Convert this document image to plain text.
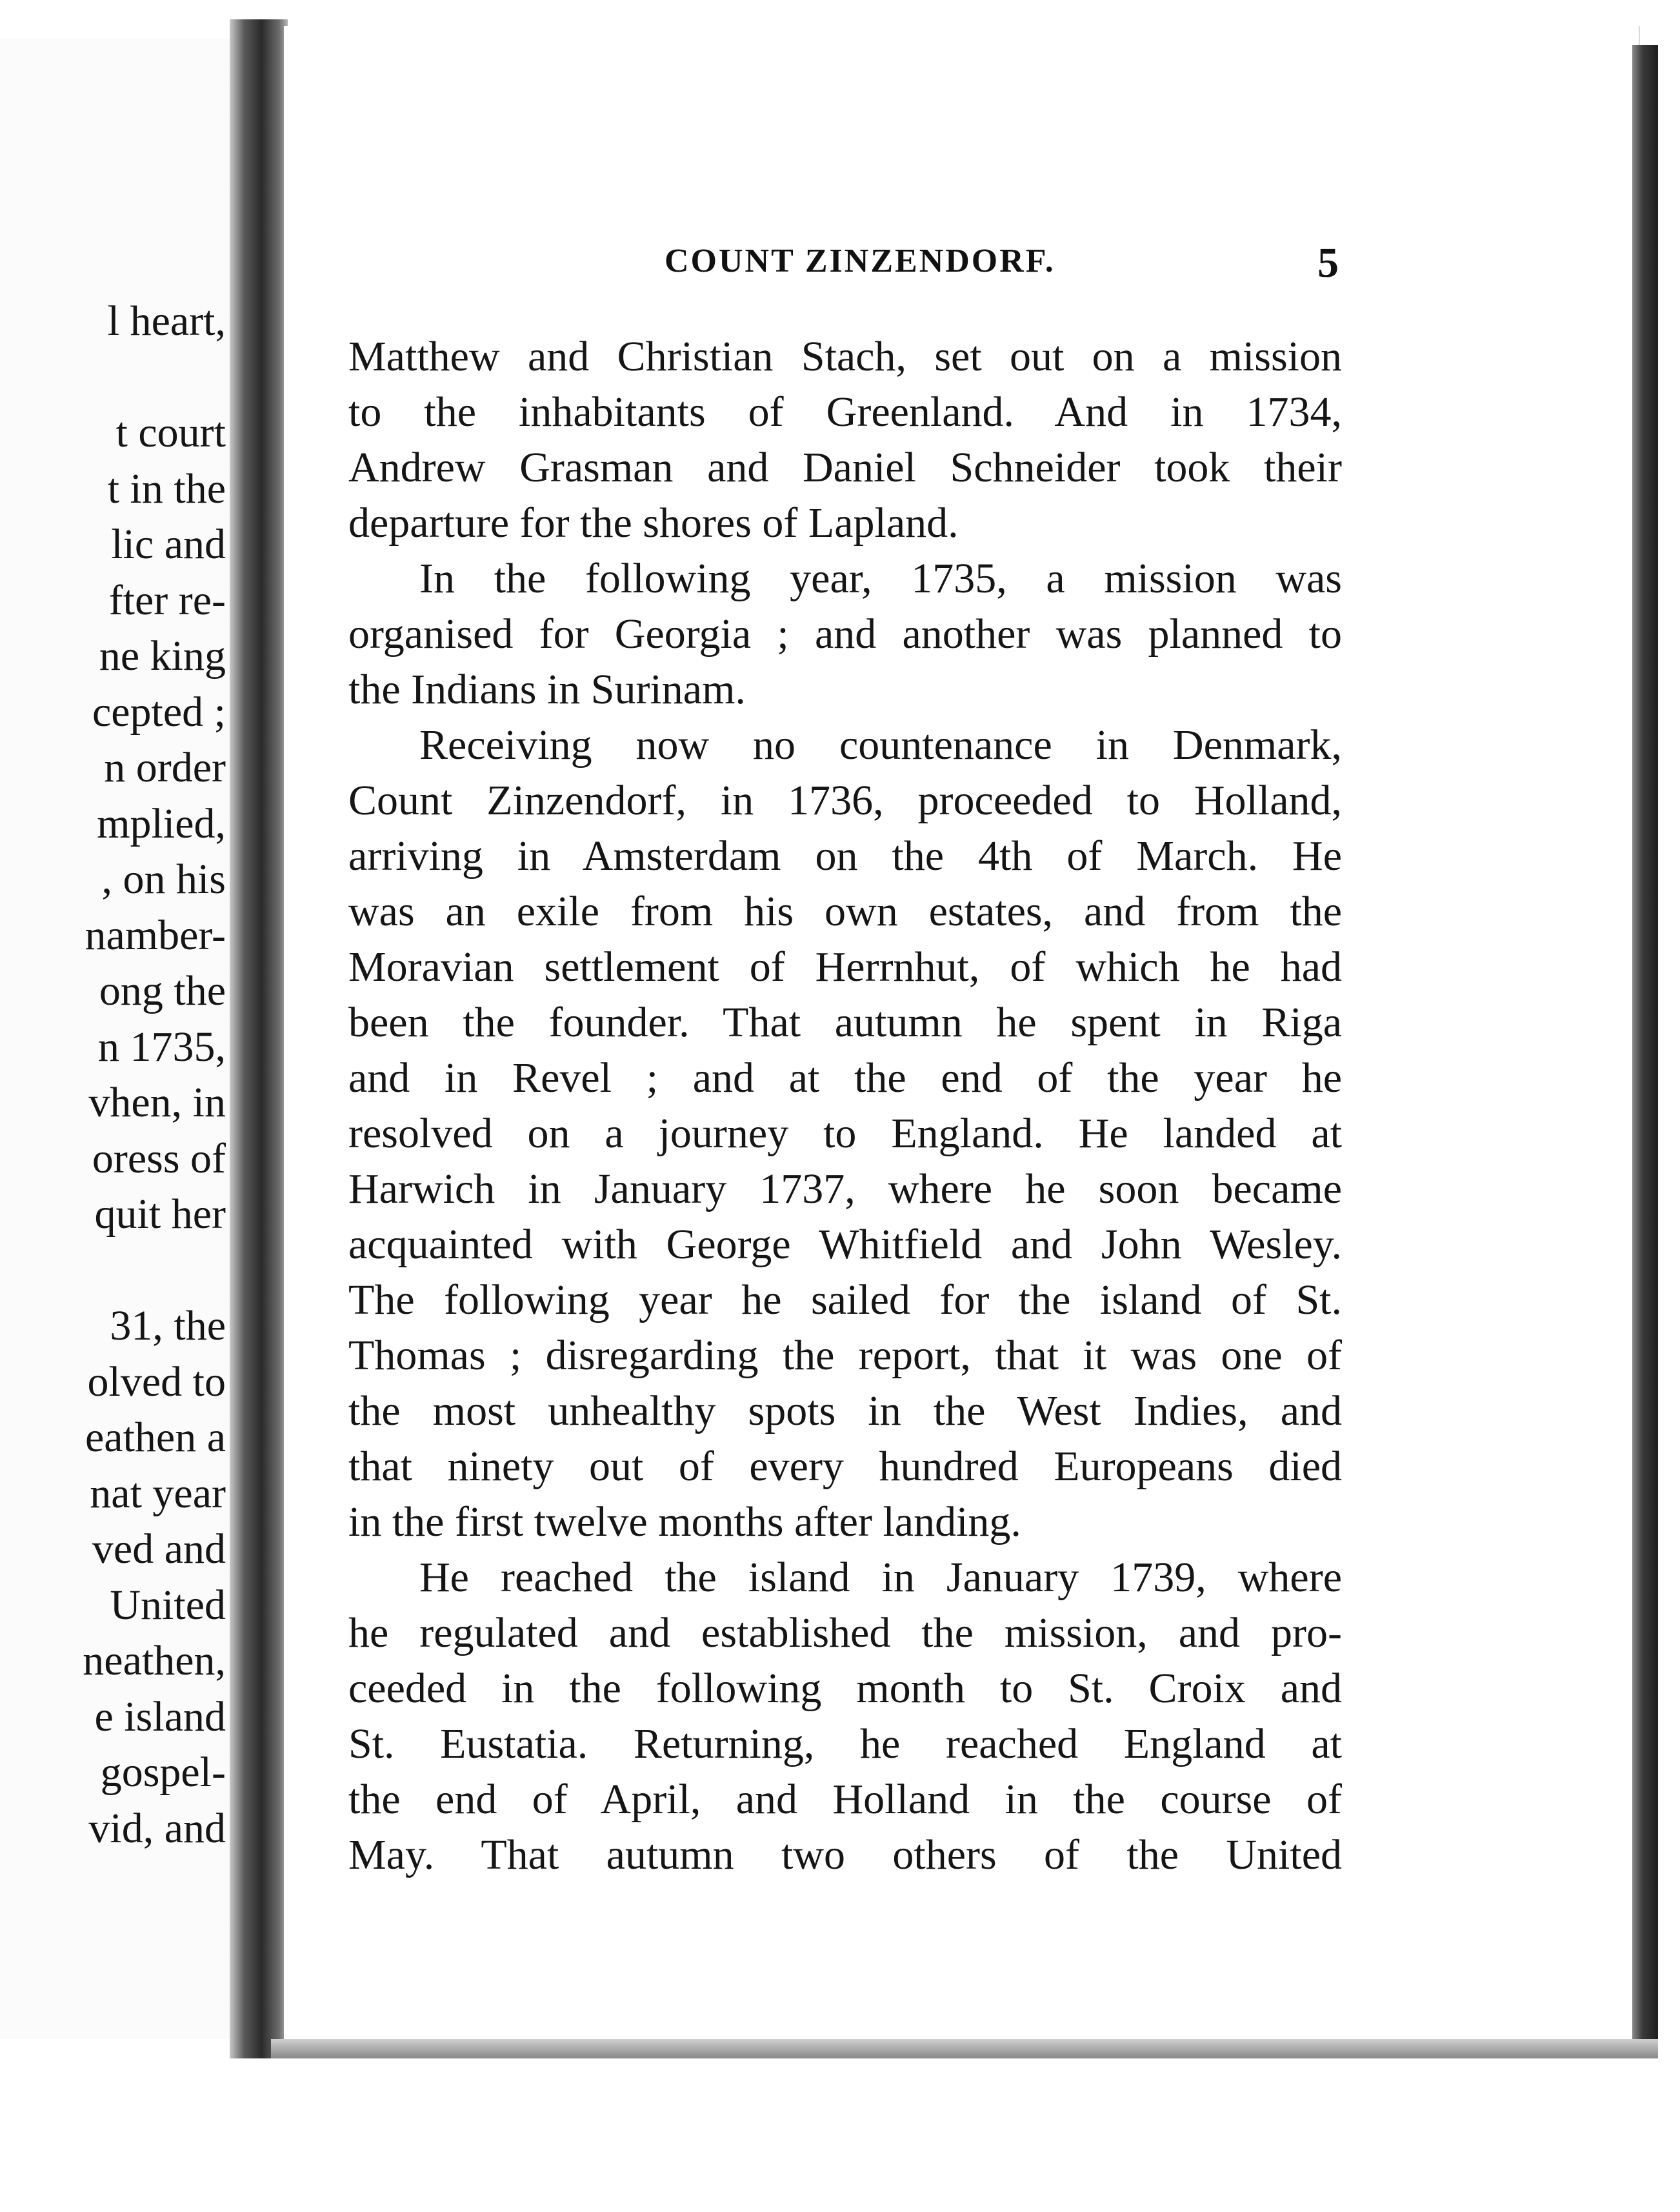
l heart,
t court
t in the
lic and
fter re-
ne king
cepted ;
n order
mplied,
, on his
namber-
ong the
n 1735,
vhen, in
oress of
quit her
31, the
olved to
eathen a
nat year
ved and
United
neathen,
e island
gospel-
vid, and
COUNT ZINZENDORF.	5
Matthew and Christian Stach, set out on a mission
to the inhabitants of Greenland. And in 1734,
Andrew Grasman and Daniel Schneider took their
departure for the shores of Lapland.
In the following year, 1735, a mission was
organised for Georgia ; and another was planned to
the Indians in Surinam.
Receiving now no countenance in Denmark,
Count Zinzendorf, in 1736, proceeded to Holland,
arriving in Amsterdam on the 4th of March. He
was an exile from his own estates, and from the
Moravian settlement of Herrnhut, of which he had
been the founder. That autumn he spent in Riga
and in Revel ; and at the end of the year he
resolved on a journey to England. He landed at
Harwich in January 1737, where he soon became
acquainted with George Whitfield and John Wesley.
The following year he sailed for the island of St.
Thomas ; disregarding the report, that it was one of
the most unhealthy spots in the West Indies, and
that ninety out of every hundred Europeans died
in the first twelve months after landing.
He reached the island in January 1739, where
he regulated and established the mission, and pro-
ceeded in the following month to St. Croix and
St. Eustatia. Returning, he reached England at
the end of April, and Holland in the course of
May. That autumn two others of the United
